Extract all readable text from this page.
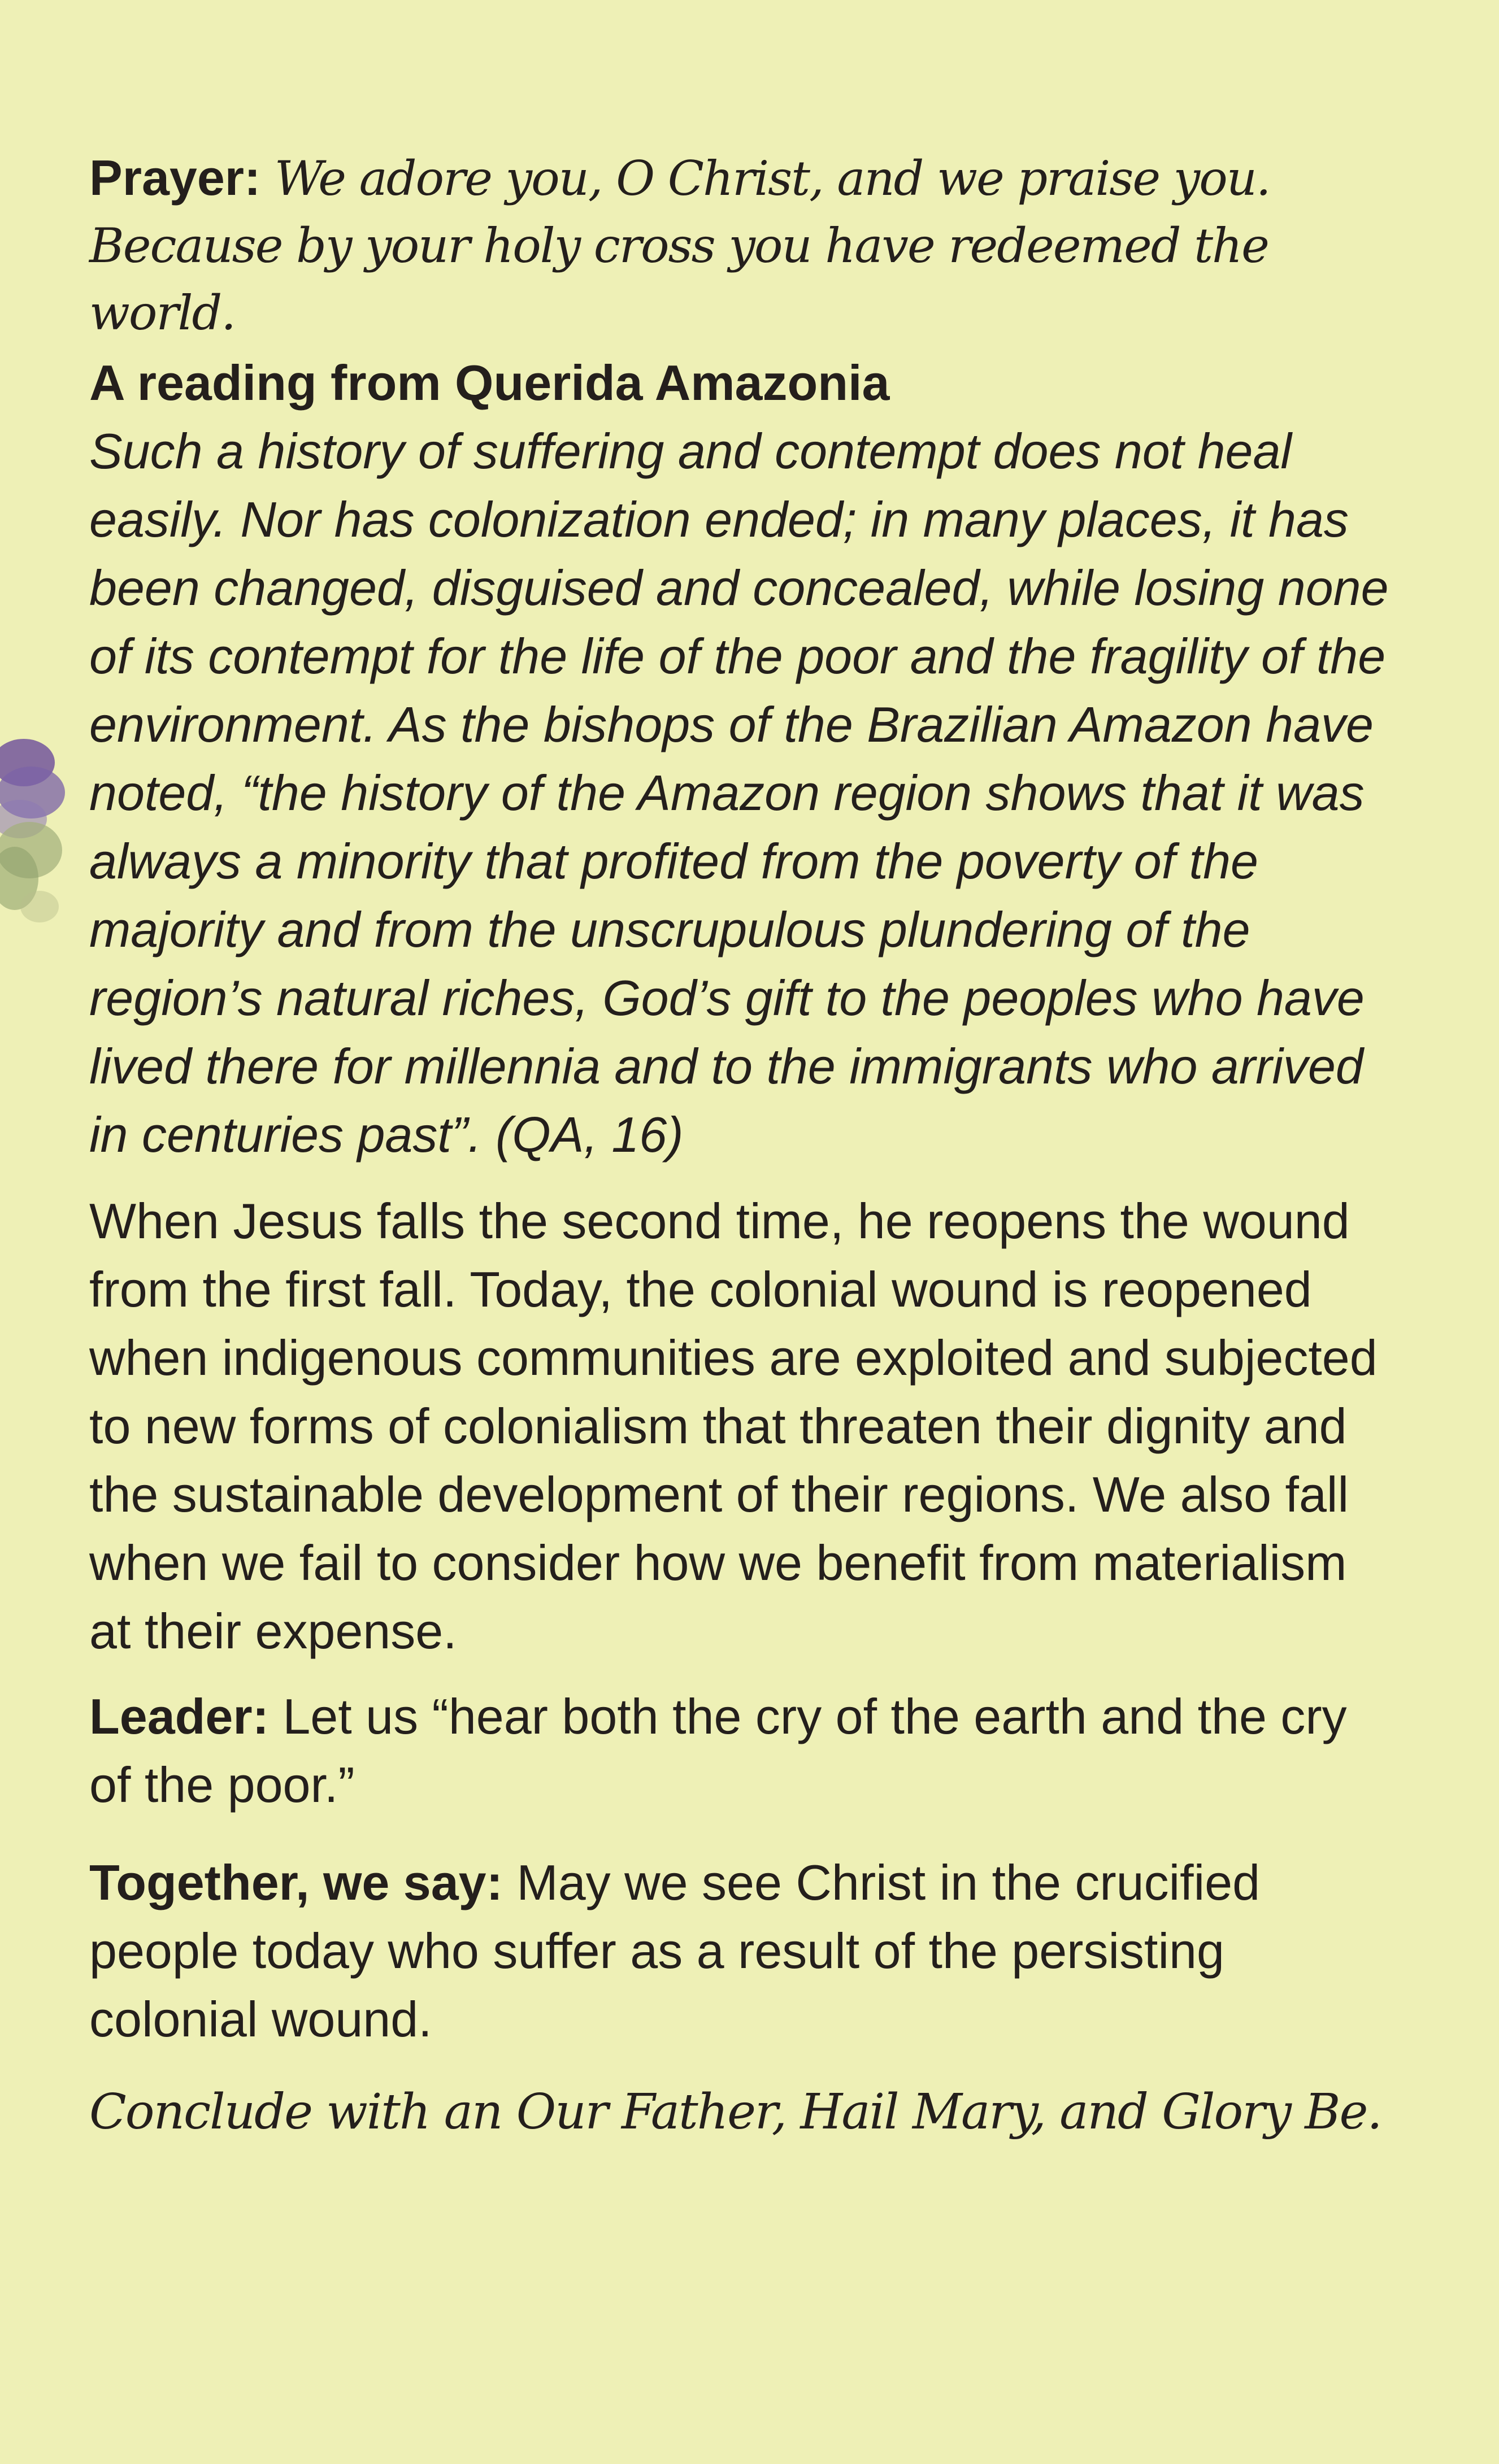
Prayer: We adore you, O Christ, and we praise you.
Because by your holy cross you have redeemed the world.
A reading from Querida Amazonia

Such a history of suffering and contempt does not heal easily. Nor has colonization ended; in many places, it has been changed, disguised and concealed, while losing none of its contempt for the life of the poor and the fragility of the environment. As the bishops of the Brazilian Amazon have noted, “the history of the Amazon region shows that it was always a minority that profited from the poverty of the majority and from the unscrupulous plundering of the region’s natural riches, God’s gift to the peoples who have lived there for millennia and to the immigrants who arrived in centuries past”. (QA, 16)

When Jesus falls the second time, he reopens the wound from the first fall. Today, the colonial wound is reopened when indigenous communities are exploited and subjected to new forms of colonialism that threaten their dignity and the sustainable development of their regions. We also fall when we fail to consider how we benefit from materialism at their expense.

Leader: Let us “hear both the cry of the earth and the cry of the poor.”

Together, we say: May we see Christ in the crucified people today who suffer as a result of the persisting colonial wound.

Conclude with an Our Father, Hail Mary, and Glory Be.
